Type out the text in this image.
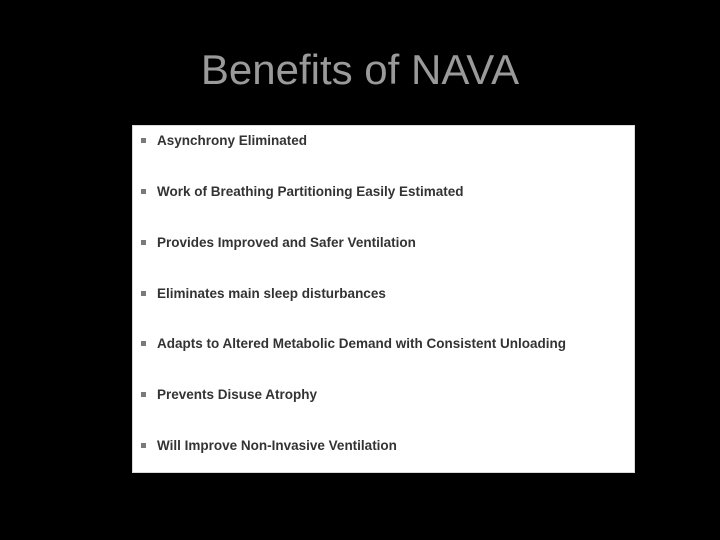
Benefits of NAVA
Asynchrony Eliminated
Work of Breathing Partitioning Easily Estimated
Provides Improved and Safer Ventilation
Eliminates main sleep disturbances
Adapts to Altered Metabolic Demand with Consistent Unloading
Prevents Disuse Atrophy
Will Improve Non-Invasive Ventilation
